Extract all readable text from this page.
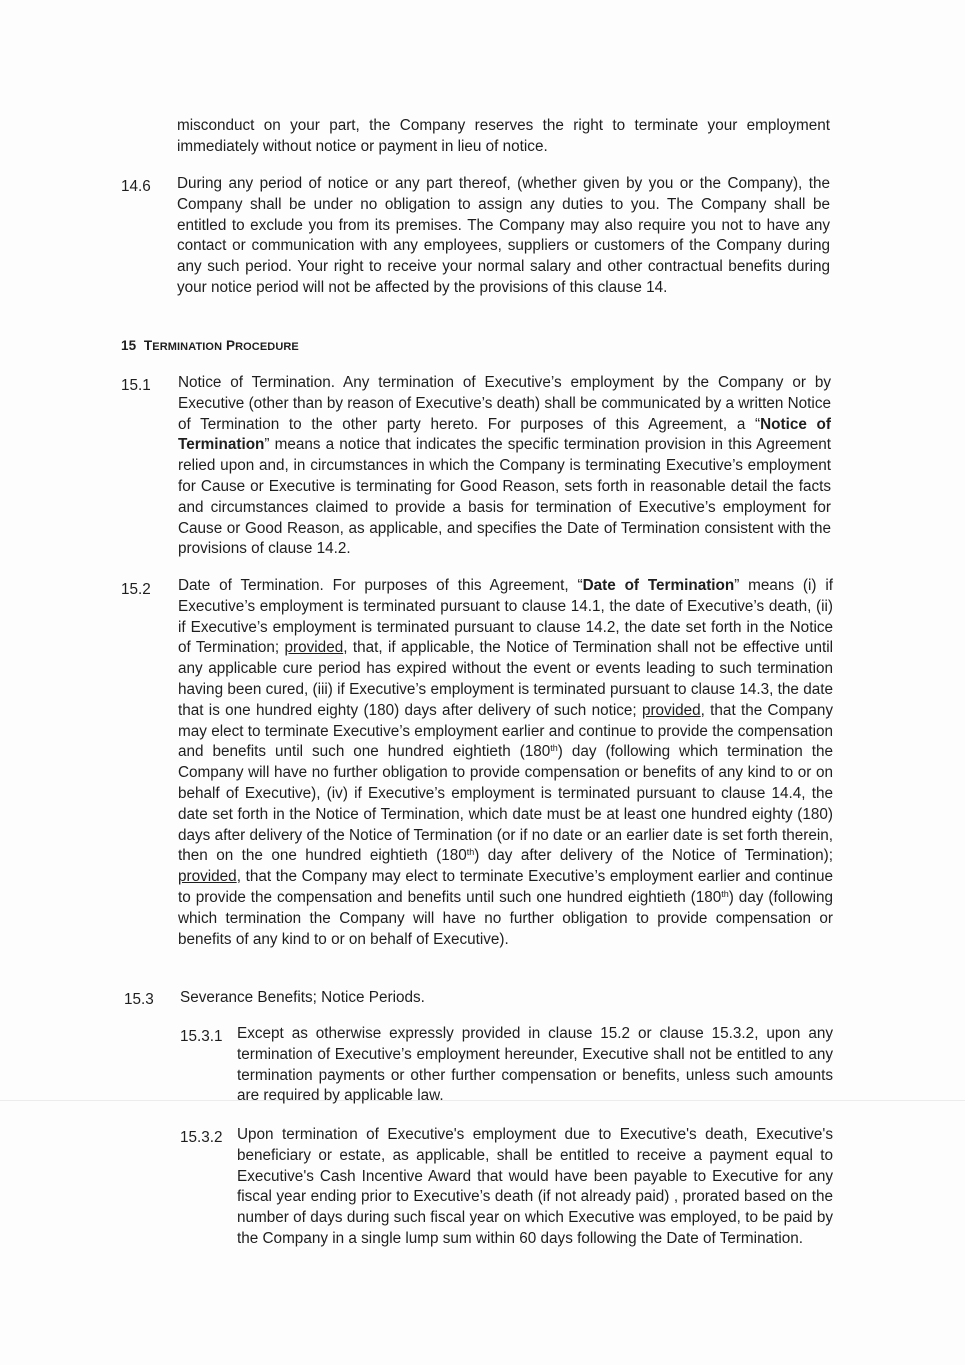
misconduct on your part, the Company reserves the right to terminate your employment immediately without notice or payment in lieu of notice.

14.6 During any period of notice or any part thereof, (whether given by you or the Company), the Company shall be under no obligation to assign any duties to you. The Company shall be entitled to exclude you from its premises. The Company may also require you not to have any contact or communication with any employees, suppliers or customers of the Company during any such period. Your right to receive your normal salary and other contractual benefits during your notice period will not be affected by the provisions of this clause 14.

15 TERMINATION PROCEDURE
15.1 Notice of Termination. Any termination of Executive’s employment by the Company or by Executive (other than by reason of Executive’s death) shall be communicated by a written Notice of Termination to the other party hereto. For purposes of this Agreement, a “Notice of Termination” means a notice that indicates the specific termination provision in this Agreement relied upon and, in circumstances in which the Company is terminating Executive’s employment for Cause or Executive is terminating for Good Reason, sets forth in reasonable detail the facts and circumstances claimed to provide a basis for termination of Executive’s employment for Cause or Good Reason, as applicable, and specifies the Date of Termination consistent with the provisions of clause 14.2.

15.2 Date of Termination. For purposes of this Agreement, “Date of Termination” means (i) if Executive’s employment is terminated pursuant to clause 14.1, the date of Executive’s death, (ii) if Executive’s employment is terminated pursuant to clause 14.2, the date set forth in the Notice of Termination; provided, that, if applicable, the Notice of Termination shall not be effective until any applicable cure period has expired without the event or events leading to such termination having been cured, (iii) if Executive’s employment is terminated pursuant to clause 14.3, the date that is one hundred eighty (180) days after delivery of such notice; provided, that the Company may elect to terminate Executive’s employment earlier and continue to provide the compensation and benefits until such one hundred eightieth (180th) day (following which termination the Company will have no further obligation to provide compensation or benefits of any kind to or on behalf of Executive), (iv) if Executive’s employment is terminated pursuant to clause 14.4, the date set forth in the Notice of Termination, which date must be at least one hundred eighty (180) days after delivery of the Notice of Termination (or if no date or an earlier date is set forth therein, then on the one hundred eightieth (180th) day after delivery of the Notice of Termination); provided, that the Company may elect to terminate Executive’s employment earlier and continue to provide the compensation and benefits until such one hundred eightieth (180th) day (following which termination the Company will have no further obligation to provide compensation or benefits of any kind to or on behalf of Executive).

15.3 Severance Benefits; Notice Periods.

15.3.1 Except as otherwise expressly provided in clause 15.2 or clause 15.3.2, upon any termination of Executive’s employment hereunder, Executive shall not be entitled to any termination payments or other further compensation or benefits, unless such amounts are required by applicable law.

15.3.2 Upon termination of Executive's employment due to Executive's death, Executive's beneficiary or estate, as applicable, shall be entitled to receive a payment equal to Executive's Cash Incentive Award that would have been payable to Executive for any fiscal year ending prior to Executive’s death (if not already paid) , prorated based on the number of days during such fiscal year on which Executive was employed, to be paid by the Company in a single lump sum within 60 days following the Date of Termination.
